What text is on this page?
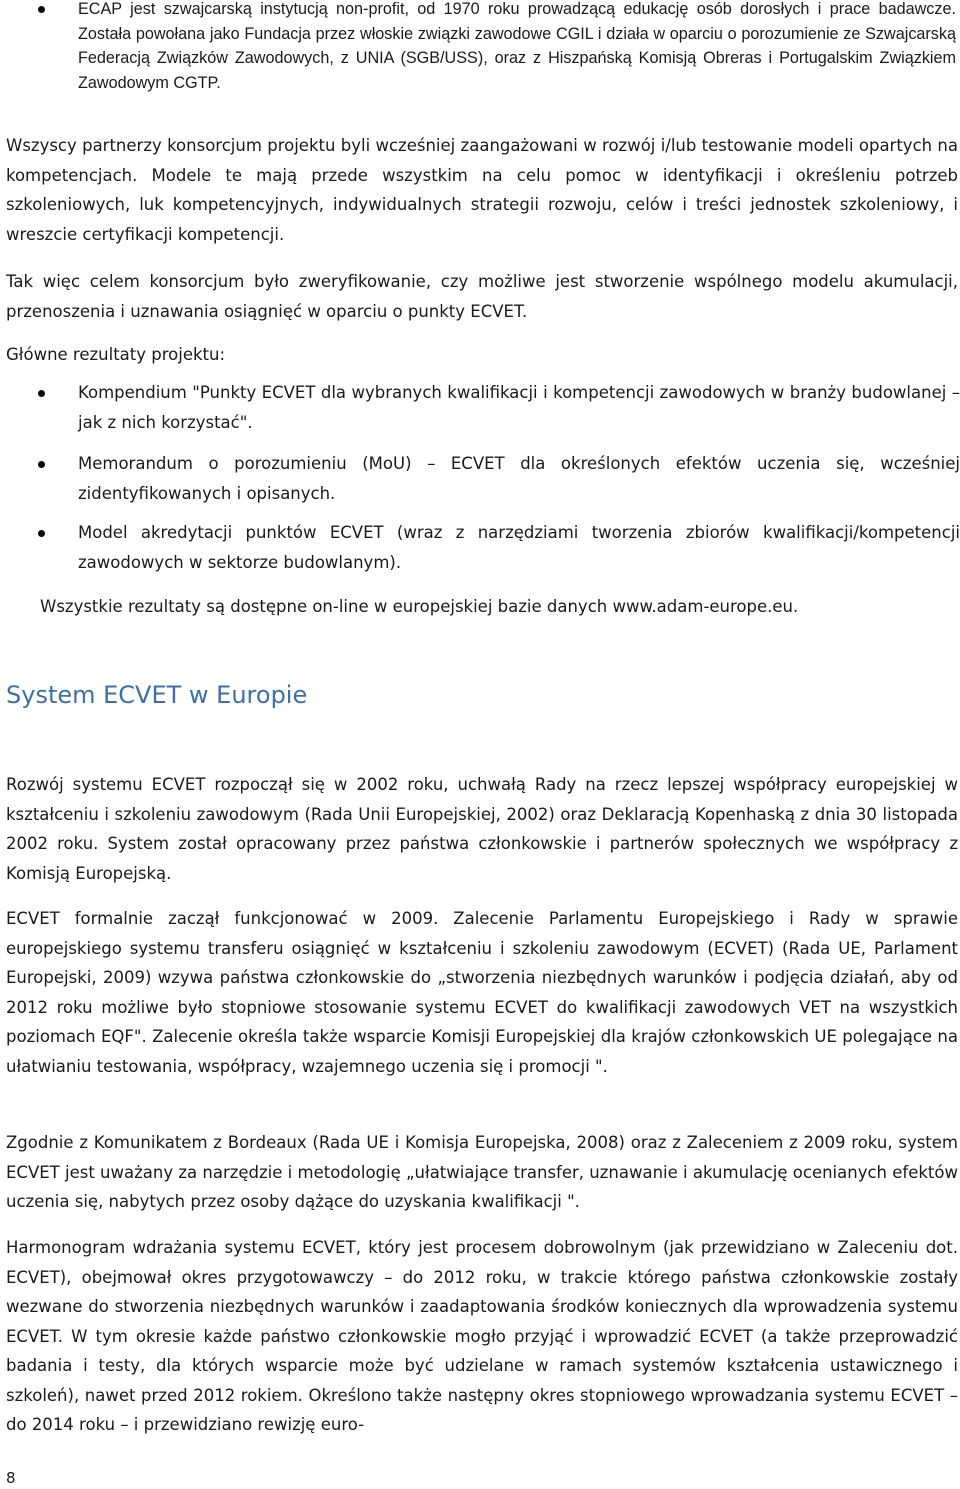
ECAP jest szwajcarską instytucją non-profit, od 1970 roku prowadzącą edukację osób dorosłych i prace badawcze. Została powołana jako Fundacja przez włoskie związki zawodowe CGIL i działa w oparciu o porozumienie ze Szwajcarską Federacją Związków Zawodowych, z UNIA (SGB/USS), oraz z Hiszpańską Komisją Obreras i Portugalskim Związkiem Zawodowym CGTP.

Wszyscy partnerzy konsorcjum projektu byli wcześniej zaangażowani w rozwój i/lub testowanie modeli opartych na kompetencjach. Modele te mają przede wszystkim na celu pomoc w identyfikacji i określeniu potrzeb szkoleniowych, luk kompetencyjnych, indywidualnych strategii rozwoju, celów i treści jednostek szkoleniowy, i wreszcie certyfikacji kompetencji.

Tak więc celem konsorcjum było zweryfikowanie, czy możliwe jest stworzenie wspólnego modelu akumulacji, przenoszenia i uznawania osiągnięć w oparciu o punkty ECVET.

Główne rezultaty projektu:

Kompendium "Punkty ECVET dla wybranych kwalifikacji i kompetencji zawodowych w branży budowlanej – jak z nich korzystać".

Memorandum o porozumieniu (MoU) – ECVET dla określonych efektów uczenia się, wcześniej zidentyfikowanych i opisanych.

Model akredytacji punktów ECVET (wraz z narzędziami tworzenia zbiorów kwalifikacji/kompetencji zawodowych w sektorze budowlanym).

Wszystkie rezultaty są dostępne on-line w europejskiej bazie danych www.adam-europe.eu.

System ECVET w Europie

Rozwój systemu ECVET rozpoczął się w 2002 roku, uchwałą Rady na rzecz lepszej współpracy europejskiej w kształceniu i szkoleniu zawodowym (Rada Unii Europejskiej, 2002) oraz Deklaracją Kopenhaską z dnia 30 listopada 2002 roku. System został opracowany przez państwa członkowskie i partnerów społecznych we współpracy z Komisją Europejską.

ECVET formalnie zaczął funkcjonować w 2009. Zalecenie Parlamentu Europejskiego i Rady w sprawie europejskiego systemu transferu osiągnięć w kształceniu i szkoleniu zawodowym (ECVET) (Rada UE, Parlament Europejski, 2009) wzywa państwa członkowskie do „stworzenia niezbędnych warunków i podjęcia działań, aby od 2012 roku możliwe było stopniowe stosowanie systemu ECVET do kwalifikacji zawodowych VET na wszystkich poziomach EQF". Zalecenie określa także wsparcie Komisji Europejskiej dla krajów członkowskich UE polegające na ułatwianiu testowania, współpracy, wzajemnego uczenia się i promocji ".

Zgodnie z Komunikatem z Bordeaux (Rada UE i Komisja Europejska, 2008) oraz z Zaleceniem z 2009 roku, system ECVET jest uważany za narzędzie i metodologię „ułatwiające transfer, uznawanie i akumulację ocenianych efektów uczenia się, nabytych przez osoby dążące do uzyskania kwalifikacji ".

Harmonogram wdrażania systemu ECVET, który jest procesem dobrowolnym (jak przewidziano w Zaleceniu dot. ECVET), obejmował okres przygotowawczy – do 2012 roku, w trakcie którego państwa członkowskie zostały wezwane do stworzenia niezbędnych warunków i zaadaptowania środków koniecznych dla wprowadzenia systemu ECVET. W tym okresie każde państwo członkowskie mogło przyjąć i wprowadzić ECVET (a także przeprowadzić badania i testy, dla których wsparcie może być udzielane w ramach systemów kształcenia ustawicznego i szkoleń), nawet przed 2012 rokiem. Określono także następny okres stopniowego wprowadzania systemu ECVET – do 2014 roku – i przewidziano rewizję euro-

8
